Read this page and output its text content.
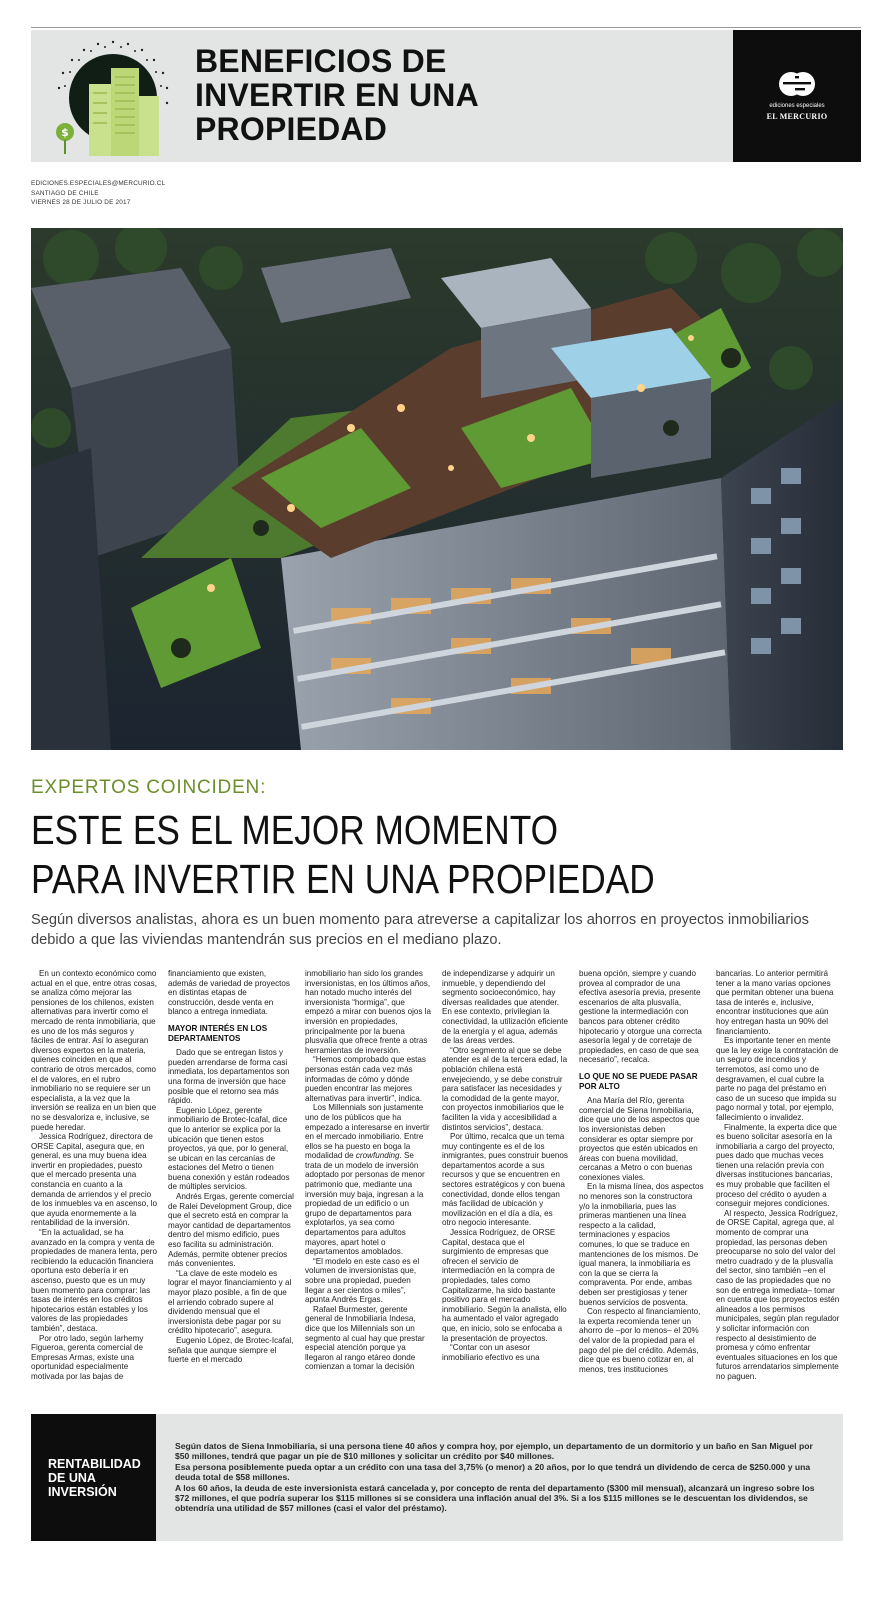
$
BENEFICIOS DE INVERTIR EN UNA PROPIEDAD
ediciones especiales
EL MERCURIO
EDICIONES.ESPECIALES@MERCURIO.CL
SANTIAGO DE CHILE
VIERNES 28 DE JULIO DE 2017
EXPERTOS COINCIDEN:
ESTE ES EL MEJOR MOMENTO
PARA INVERTIR EN UNA PROPIEDAD

Según diversos analistas, ahora es un buen momento para atreverse a capitalizar los ahorros en proyectos inmobiliarios debido a que las viviendas mantendrán sus precios en el mediano plazo.

En un contexto económico como actual en el que, entre otras cosas, se analiza cómo mejorar las pensiones de los chilenos, existen alternativas para invertir como el mercado de renta inmobiliaria, que es uno de los más seguros y fáciles de entrar. Así lo aseguran diversos expertos en la materia, quienes coinciden en que al contrario de otros mercados, como el de valores, en el rubro inmobiliario no se requiere ser un especialista, a la vez que la inversión se realiza en un bien que no se desvaloriza e, inclusive, se puede heredar.

Jessica Rodríguez, directora de ORSE Capital, asegura que, en general, es una muy buena idea invertir en propiedades, puesto que el mercado presenta una constancia en cuanto a la demanda de arriendos y el precio de los inmuebles va en ascenso, lo que ayuda enormemente a la rentabilidad de la inversión.

“En la actualidad, se ha avanzado en la compra y venta de propiedades de manera lenta, pero recibiendo la educación financiera oportuna esto debería ir en ascenso, puesto que es un muy buen momento para comprar: las tasas de interés en los créditos hipotecarios están estables y los valores de las propiedades también”, destaca.

Por otro lado, según Iarhemy Figueroa, gerenta comercial de Empresas Armas, existe una oportunidad especialmente motivada por las bajas de

financiamiento que existen, además de variedad de proyectos en distintas etapas de construcción, desde venta en blanco a entrega inmediata.

MAYOR INTERÉS EN LOS DEPARTAMENTOS

Dado que se entregan listos y pueden arrendarse de forma casi inmediata, los departamentos son una forma de inversión que hace posible que el retorno sea más rápido.

Eugenio López, gerente inmobiliario de Brotec-Icafal, dice que lo anterior se explica por la ubicación que tienen estos proyectos, ya que, por lo general, se ubican en las cercanías de estaciones del Metro o tienen buena conexión y están rodeados de múltiples servicios.

Andrés Ergas, gerente comercial de Ralei Development Group, dice que el secreto está en comprar la mayor cantidad de departamentos dentro del mismo edificio, pues eso facilita su administración. Además, permite obtener precios más convenientes.

“La clave de este modelo es lograr el mayor financiamiento y al mayor plazo posible, a fin de que el arriendo cobrado supere al dividendo mensual que el inversionista debe pagar por su crédito hipotecario”, asegura.

Eugenio López, de Brotec-Icafal, señala que aunque siempre el fuerte en el mercado

inmobiliario han sido los grandes inversionistas, en los últimos años, han notado mucho interés del inversionista “hormiga”, que empezó a mirar con buenos ojos la inversión en propiedades, principalmente por la buena plusvalía que ofrece frente a otras herramientas de inversión.

“Hemos comprobado que estas personas están cada vez más informadas de cómo y dónde pueden encontrar las mejores alternativas para invertir”, indica.

Los Millennials son justamente uno de los públicos que ha empezado a interesarse en invertir en el mercado inmobiliario. Entre ellos se ha puesto en boga la modalidad de crowfunding. Se trata de un modelo de inversión adoptado por personas de menor patrimonio que, mediante una inversión muy baja, ingresan a la propiedad de un edificio o un grupo de departamentos para explotarlos, ya sea como departamentos para adultos mayores, apart hotel o departamentos amoblados.

“El modelo en este caso es el volumen de inversionistas que, sobre una propiedad, pueden llegar a ser cientos o miles”, apunta Andrés Ergas.

Rafael Burmester, gerente general de Inmobiliaria Indesa, dice que los Millennials son un segmento al cual hay que prestar especial atención porque ya llegaron al rango etáreo donde comienzan a tomar la decisión

de independizarse y adquirir un inmueble, y dependiendo del segmento socioeconómico, hay diversas realidades que atender. En ese contexto, privilegian la conectividad, la utilización eficiente de la energía y el agua, además de las áreas verdes.

“Otro segmento al que se debe atender es al de la tercera edad, la población chilena está envejeciendo, y se debe construir para satisfacer las necesidades y la comodidad de la gente mayor, con proyectos inmobiliarios que le faciliten la vida y accesibilidad a distintos servicios”, destaca.

Por último, recalca que un tema muy contingente es el de los inmigrantes, pues construir buenos departamentos acorde a sus recursos y que se encuentren en sectores estratégicos y con buena conectividad, donde ellos tengan más facilidad de ubicación y movilización en el día a día, es otro negocio interesante.

Jessica Rodríguez, de ORSE Capital, destaca que el surgimiento de empresas que ofrecen el servicio de intermediación en la compra de propiedades, tales como Capitalizarme, ha sido bastante positivo para el mercado inmobiliario. Según la analista, ello ha aumentado el valor agregado que, en inicio, solo se enfocaba a la presentación de proyectos.

“Contar con un asesor inmobiliario efectivo es una

buena opción, siempre y cuando provea al comprador de una efectiva asesoría previa, presente escenarios de alta plusvalía, gestione la intermediación con bancos para obtener crédito hipotecario y otorgue una correcta asesoría legal y de corretaje de propiedades, en caso de que sea necesario”, recalca.

LO QUE NO SE PUEDE PASAR POR ALTO

Ana María del Río, gerenta comercial de Siena Inmobiliaria, dice que uno de los aspectos que los inversionistas deben considerar es optar siempre por proyectos que estén ubicados en áreas con buena movilidad, cercanas a Metro o con buenas conexiones viales.

En la misma línea, dos aspectos no menores son la constructora y/o la inmobiliaria, pues las primeras mantienen una línea respecto a la calidad, terminaciones y espacios comunes, lo que se traduce en mantenciones de los mismos. De igual manera, la inmobiliaria es con la que se cierra la compraventa. Por ende, ambas deben ser prestigiosas y tener buenos servicios de posventa.

Con respecto al financiamiento, la experta recomienda tener un ahorro de –por lo menos– el 20% del valor de la propiedad para el pago del pie del crédito. Además, dice que es bueno cotizar en, al menos, tres instituciones

bancarias. Lo anterior permitirá tener a la mano varias opciones que permitan obtener una buena tasa de interés e, inclusive, encontrar instituciones que aún hoy entregan hasta un 90% del financiamiento.

Es importante tener en mente que la ley exige la contratación de un seguro de incendios y terremotos, así como uno de desgravamen, el cual cubre la parte no paga del préstamo en caso de un suceso que impida su pago normal y total, por ejemplo, fallecimiento o invalidez.

Finalmente, la experta dice que es bueno solicitar asesoría en la inmobiliaria a cargo del proyecto, pues dado que muchas veces tienen una relación previa con diversas instituciones bancarias, es muy probable que faciliten el proceso del crédito o ayuden a conseguir mejores condiciones.

Al respecto, Jessica Rodríguez, de ORSE Capital, agrega que, al momento de comprar una propiedad, las personas deben preocuparse no solo del valor del metro cuadrado y de la plusvalía del sector, sino también –en el caso de las propiedades que no son de entrega inmediata– tomar en cuenta que los proyectos estén alineados a los permisos municipales, según plan regulador y solicitar información con respecto al desistimiento de promesa y cómo enfrentar eventuales situaciones en los que futuros arrendatarios simplemente no paguen.

RENTABILIDAD DE UNA INVERSIÓN

Según datos de Siena Inmobiliaria, si una persona tiene 40 años y compra hoy, por ejemplo, un departamento de un dormitorio y un baño en San Miguel por $50 millones, tendrá que pagar un pie de $10 millones y solicitar un crédito por $40 millones.

Esa persona posiblemente pueda optar a un crédito con una tasa del 3,75% (o menor) a 20 años, por lo que tendrá un dividendo de cerca de $250.000 y una deuda total de $58 millones.

A los 60 años, la deuda de este inversionista estará cancelada y, por concepto de renta del departamento ($300 mil mensual), alcanzará un ingreso sobre los $72 millones, el que podría superar los $115 millones si se considera una inflación anual del 3%. Si a los $115 millones se le descuentan los dividendos, se obtendría una utilidad de $57 millones (casi el valor del préstamo).
